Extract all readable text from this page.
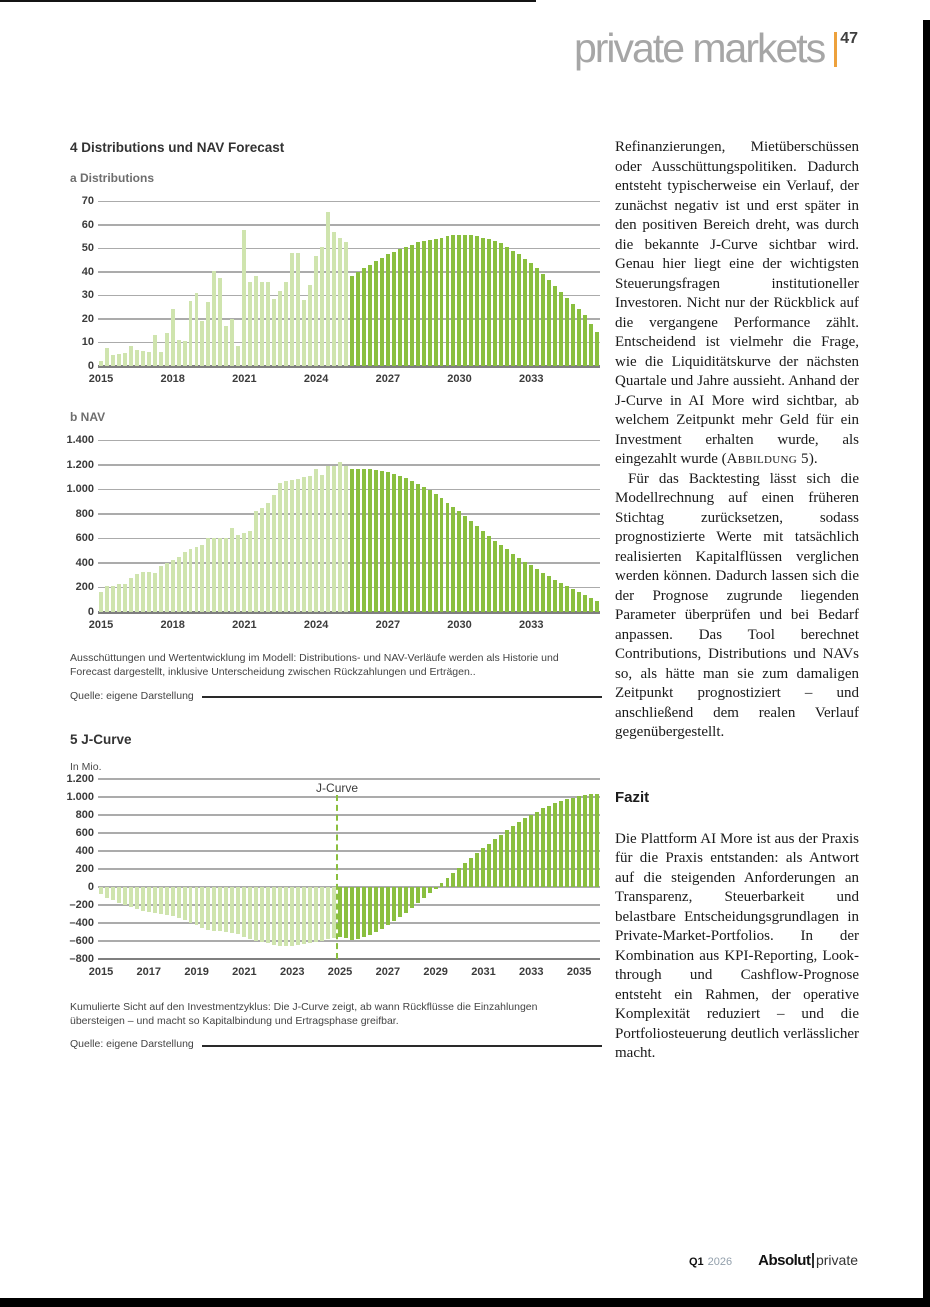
private markets 47
4 Distributions und NAV Forecast
a Distributions
70
60
50
40
30
20
10
0
2015	2018	2021	2024	2027	2030	2033
b NAV
1.400
1.200
1.000
800
600
400
200
0
2015	2018	2021	2024	2027	2030	2033

Ausschüttungen und Wertentwicklung im Modell: Distributions- und NAV-Verläufe werden als Historie und Forecast dargestellt, inklusive Unterscheidung zwischen Rückzahlungen und Erträgen..

Quelle: eigene Darstellung
5 J-Curve
In Mio.
1.200
1.000
800
600
400
200
0
–200
–400
–600
–800
J-Curve
2015 2017 2019 2021 2023 2025 2027 2029 2031 2033 2035

Kumulierte Sicht auf den Investmentzyklus: Die J-Curve zeigt, ab wann Rückflüsse die Einzahlungen übersteigen – und macht so Kapitalbindung und Ertragsphase greifbar.

Quelle: eigene Darstellung

Refinanzierungen, Mietüberschüssen oder Ausschüttungspolitiken. Dadurch entsteht typischerweise ein Verlauf, der zunächst negativ ist und erst später in den positiven Bereich dreht, was durch die bekannte J-Curve sichtbar wird. Genau hier liegt eine der wichtigsten Steuerungsfragen institutioneller Investoren. Nicht nur der Rückblick auf die vergangene Performance zählt. Entscheidend ist vielmehr die Frage, wie die Liquiditätskurve der nächsten Quartale und Jahre aussieht. Anhand der J-Curve in AI More wird sichtbar, ab welchem Zeitpunkt mehr Geld für ein Investment erhalten wurde, als eingezahlt wurde (Abbildung 5).

Für das Backtesting lässt sich die Modellrechnung auf einen früheren Stichtag zurücksetzen, sodass prognostizierte Werte mit tatsächlich realisierten Kapitalflüssen verglichen werden können. Dadurch lassen sich die der Prognose zugrunde liegenden Parameter überprüfen und bei Bedarf anpassen. Das Tool berechnet Contributions, Distributions und NAVs so, als hätte man sie zum damaligen Zeitpunkt prognostiziert – und anschließend dem realen Verlauf gegenübergestellt.

Fazit

Die Plattform AI More ist aus der Praxis für die Praxis entstanden: als Antwort auf die steigenden Anforderungen an Transparenz, Steuerbarkeit und belastbare Entscheidungsgrundlagen in Private-Market-Portfolios. In der Kombination aus KPI-Reporting, Look-through und Cashflow-Prognose entsteht ein Rahmen, der operative Komplexität reduziert – und die Portfoliosteuerung deutlich verlässlicher macht.

Q1 2026 Absolut private
